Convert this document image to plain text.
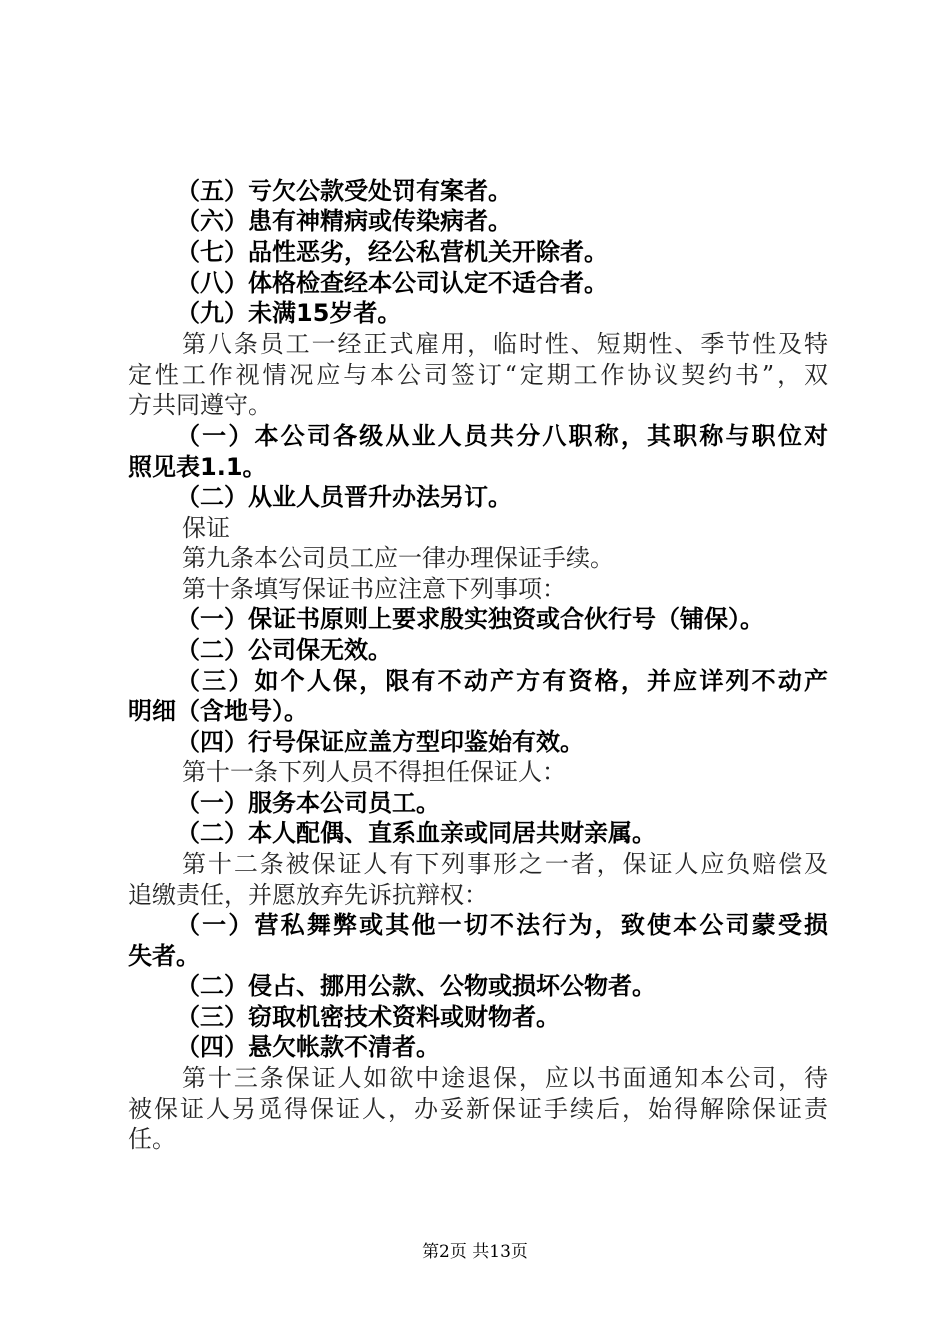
（五）亏欠公款受处罚有案者。
（六）患有神精病或传染病者。
（七）品性恶劣，经公私营机关开除者。
（八）体格检查经本公司认定不适合者。
（九）未满15岁者。
第八条员工一经正式雇用，临时性、短期性、季节性及特
定性工作视情况应与本公司签订“定期工作协议契约书”，双
方共同遵守。
（一）本公司各级从业人员共分八职称，其职称与职位对
照见表1.1。
（二）从业人员晋升办法另订。
保证
第九条本公司员工应一律办理保证手续。
第十条填写保证书应注意下列事项：
（一）保证书原则上要求殷实独资或合伙行号（铺保）。
（二）公司保无效。
（三）如个人保，限有不动产方有资格，并应详列不动产
明细（含地号）。
（四）行号保证应盖方型印鉴始有效。
第十一条下列人员不得担任保证人：
（一）服务本公司员工。
（二）本人配偶、直系血亲或同居共财亲属。
第十二条被保证人有下列事形之一者，保证人应负赔偿及
追缴责任，并愿放弃先诉抗辩权：
（一）营私舞弊或其他一切不法行为，致使本公司蒙受损
失者。
（二）侵占、挪用公款、公物或损坏公物者。
（三）窃取机密技术资料或财物者。
（四）悬欠帐款不清者。
第十三条保证人如欲中途退保，应以书面通知本公司，待
被保证人另觅得保证人，办妥新保证手续后，始得解除保证责
任。
第2页 共13页
